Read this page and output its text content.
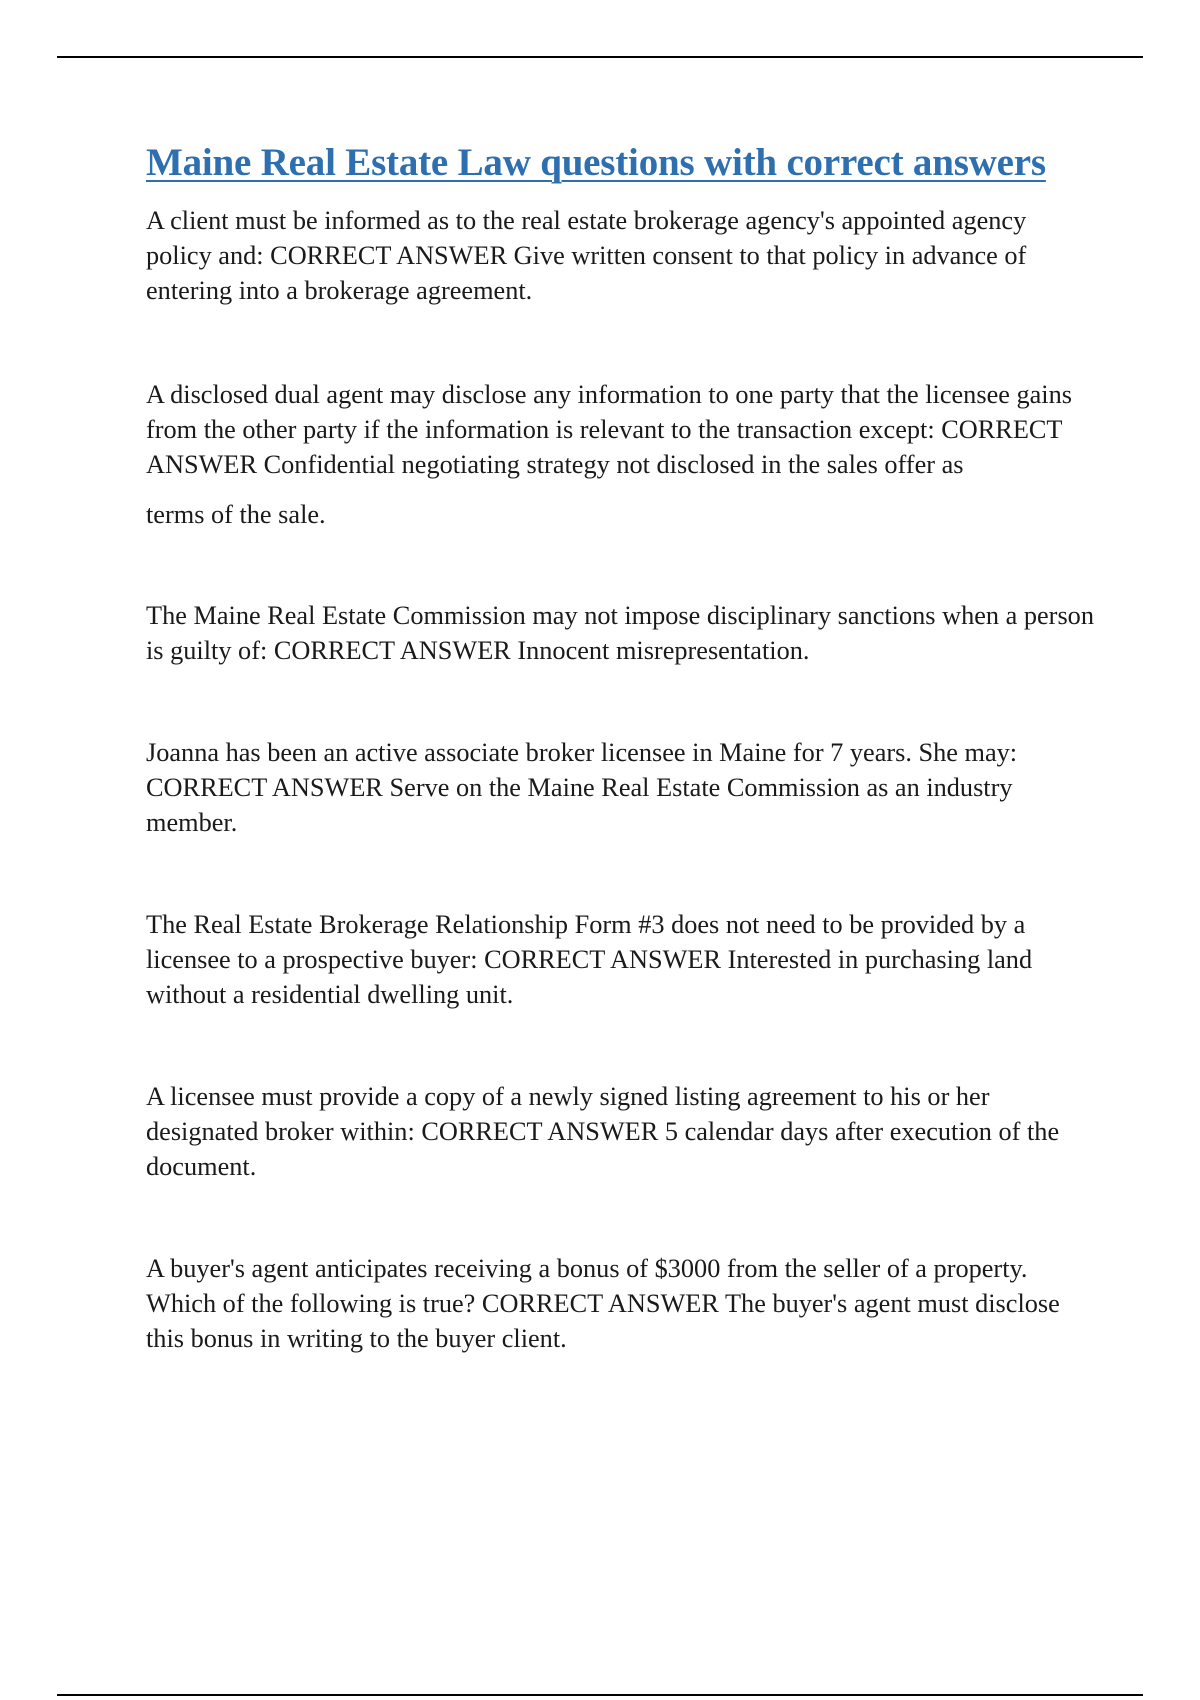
Maine Real Estate Law questions with correct answers

A client must be informed as to the real estate brokerage agency's appointed agency policy and: CORRECT ANSWER Give written consent to that policy in advance of entering into a brokerage agreement.

A disclosed dual agent may disclose any information to one party that the licensee gains from the other party if the information is relevant to the transaction except: CORRECT ANSWER Confidential negotiating strategy not disclosed in the sales offer as

terms of the sale.

The Maine Real Estate Commission may not impose disciplinary sanctions when a person is guilty of: CORRECT ANSWER Innocent misrepresentation.

Joanna has been an active associate broker licensee in Maine for 7 years. She may: CORRECT ANSWER Serve on the Maine Real Estate Commission as an industry member.

The Real Estate Brokerage Relationship Form #3 does not need to be provided by a licensee to a prospective buyer: CORRECT ANSWER Interested in purchasing land without a residential dwelling unit.

A licensee must provide a copy of a newly signed listing agreement to his or her designated broker within: CORRECT ANSWER 5 calendar days after execution of the document.

A buyer's agent anticipates receiving a bonus of $3000 from the seller of a property. Which of the following is true? CORRECT ANSWER The buyer's agent must disclose this bonus in writing to the buyer client.
